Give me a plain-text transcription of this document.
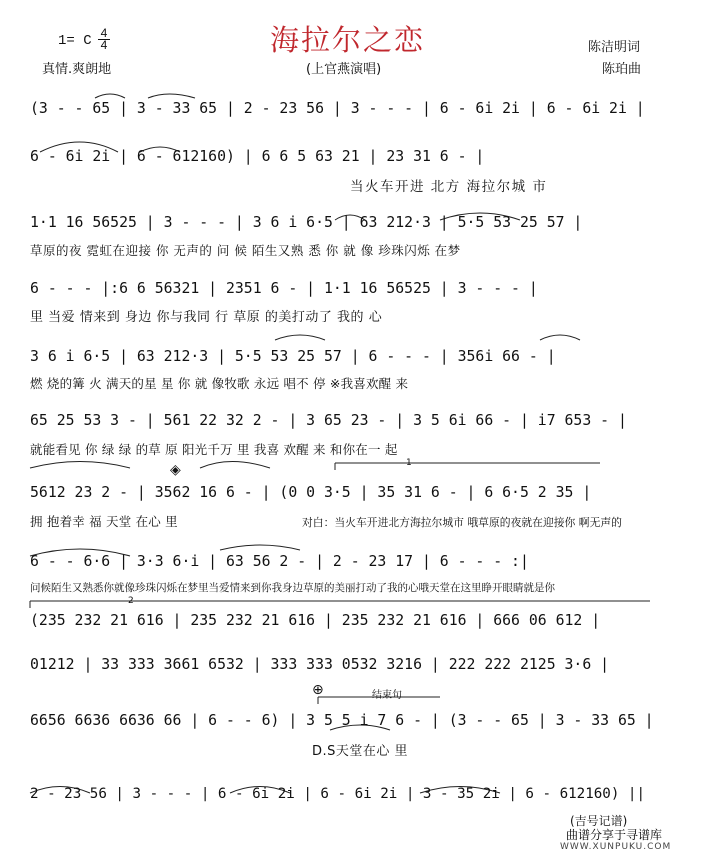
1= C 4
4	海拉尔之恋
真情.爽朗地	(上官燕演唱)
陈洁明词
陈珀曲
(3 - - 65 | 3 - 33 65 | 2 - 23 56 | 3 - - - | 6 - 6i 2i | 6 - 6i 2i |
6 - 6i 2i | 6 - 612160) | 6 6 5 63 21 | 23 31 6 - |
当火车开进 北方 海拉尔城 市
1·1 16 56525 | 3 - - - | 3 6 i 6·5 | 63 212·3 | 5·5 53 25 57 |
草原的夜 霓虹在迎接 你 无声的 问 候 陌生又熟 悉 你 就 像 珍珠闪烁 在梦
6 - - - |:6 6 56321 | 2351 6 - | 1·1 16 56525 | 3 - - - |
里 当爱 情来到 身边 你与我同 行 草原 的美打动了 我的 心
3 6 i 6·5 | 63 212·3 | 5·5 53 25 57 | 6 - - - | 356i 66 - |
燃 烧的篝 火 满天的星 星 你 就 像牧歌 永远 唱不 停 ※我喜欢醒 来
65 25 53 3 - | 561 22 32 2 - | 3 65 23 - | 3 5 6i 66 - | i7 653 - |
就能看见 你 绿 绿 的草 原 阳光千万 里 我喜 欢醒 来 和你在一 起
1
◈
5612 23 2 - | 3562 16 6 - | (0 0 3·5 | 35 31 6 - | 6 6·5 2 35 |
拥 抱着幸 福 天堂 在心 里	对白：当火车开进北方海拉尔城市 哦草原的夜就在迎接你 啊无声的
6 - - 6·6 | 3·3 6·i | 63 56 2 - | 2 - 23 17 | 6 - - - :|
问候陌生又熟悉你就像珍珠闪烁在梦里当爱情来到你我身边草原的美丽打动了我的心哦天堂在这里睁开眼睛就是你
2
(235 232 21 616 | 235 232 21 616 | 235 232 21 616 | 666 06 612 |
01212 | 33 333 3661 6532 | 333 333 0532 3216 | 222 222 2125 3·6 |
⊕	结束句
6656 6636 6636 66 | 6 - - 6) | 3 5 5 i 7 6 - | (3 - - 65 | 3 - 33 65 |
D.S天堂在心 里
2 - 23 56 | 3 - - - | 6 - 6i 2i | 6 - 6i 2i | 3 - 35 2i | 6 - 612160) ||
(吉号记谱)
曲谱分享于寻谱库
WWW.XUNPUKU.COM
